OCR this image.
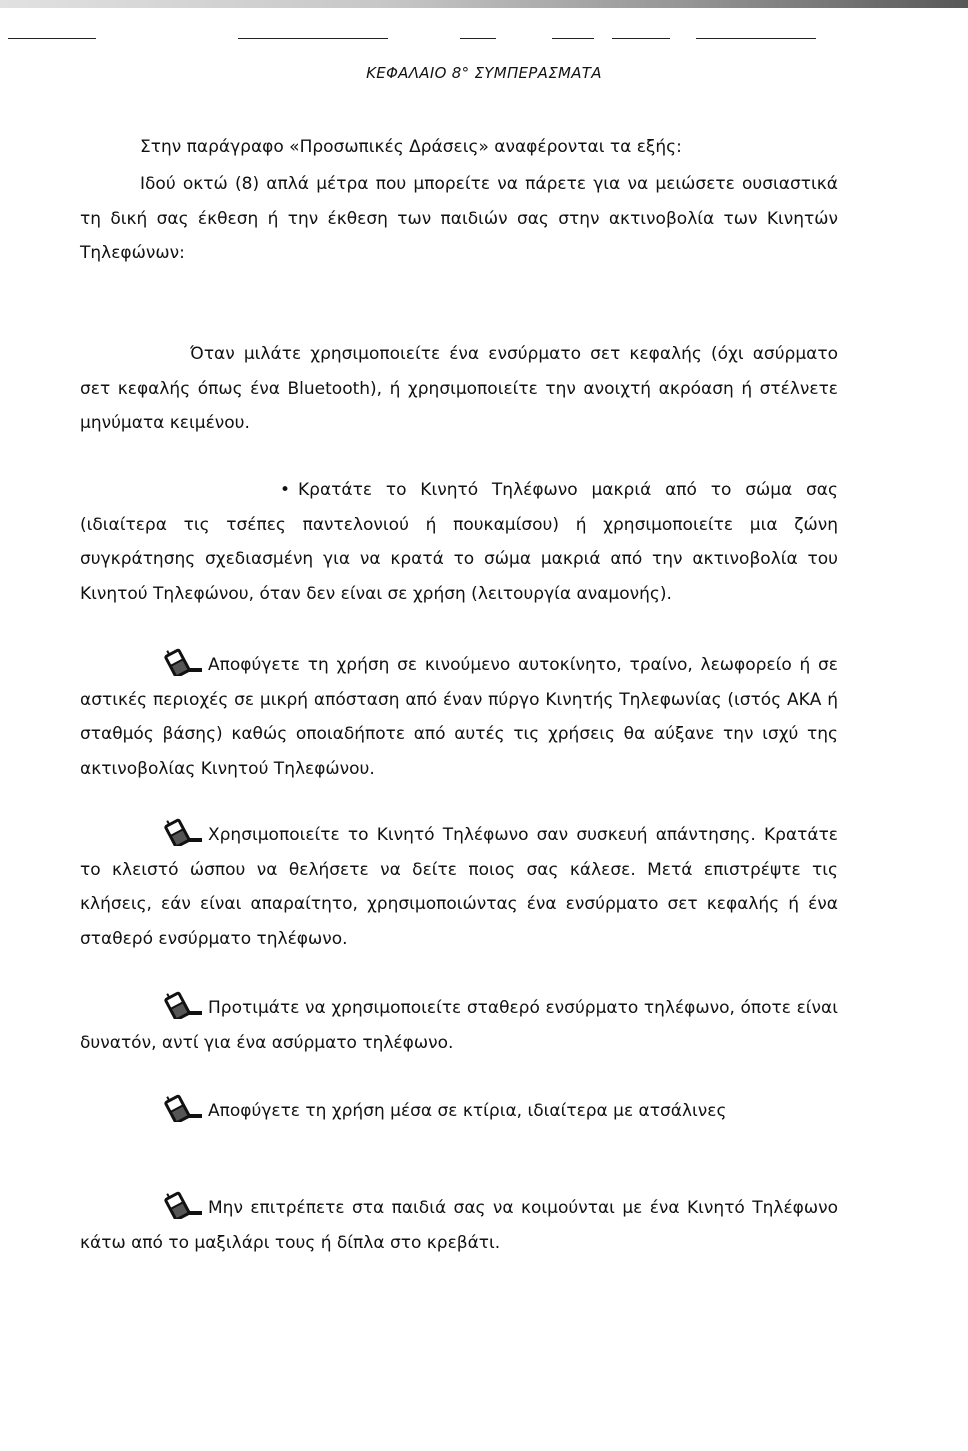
ΚΕΦΑΛΑΙΟ 8° ΣΥΜΠΕΡΑΣΜΑΤΑ

Στην παράγραφο «Προσωπικές Δράσεις» αναφέρονται τα εξής:

Ιδού οκτώ (8) απλά μέτρα που μπορείτε να πάρετε για να μειώσετε ουσιαστικά τη δική σας έκθεση ή την έκθεση των παιδιών σας στην ακτινοβολία των Κινητών Τηλεφώνων:

Όταν μιλάτε χρησιμοποιείτε ένα ενσύρματο σετ κεφαλής (όχι ασύρματο σετ κεφαλής όπως ένα Bluetooth), ή χρησιμοποιείτε την ανοιχτή ακρόαση ή στέλνετε μηνύματα κειμένου.

• Κρατάτε το Κινητό Τηλέφωνο μακριά από το σώμα σας (ιδιαίτερα τις τσέπες παντελονιού ή πουκαμίσου) ή χρησιμοποιείτε μια ζώνη συγκράτησης σχεδιασμένη για να κρατά το σώμα μακριά από την ακτινοβολία του Κινητού Τηλεφώνου, όταν δεν είναι σε χρήση (λειτουργία αναμονής).

Αποφύγετε τη χρήση σε κινούμενο αυτοκίνητο, τραίνο, λεωφορείο ή σε αστικές περιοχές σε μικρή απόσταση από έναν πύργο Κινητής Τηλεφωνίας (ιστός ΑΚΑ ή σταθμός βάσης) καθώς οποιαδήποτε από αυτές τις χρήσεις θα αύξανε την ισχύ της ακτινοβολίας Κινητού Τηλεφώνου.

Χρησιμοποιείτε το Κινητό Τηλέφωνο σαν συσκευή απάντησης. Κρατάτε το κλειστό ώσπου να θελήσετε να δείτε ποιος σας κάλεσε. Μετά επιστρέψτε τις κλήσεις, εάν είναι απαραίτητο, χρησιμοποιώντας ένα ενσύρματο σετ κεφαλής ή ένα σταθερό ενσύρματο τηλέφωνο.

Προτιμάτε να χρησιμοποιείτε σταθερό ενσύρματο τηλέφωνο, όποτε είναι δυνατόν, αντί για ένα ασύρματο τηλέφωνο.

Αποφύγετε τη χρήση μέσα σε κτίρια, ιδιαίτερα με ατσάλινες

Μην επιτρέπετε στα παιδιά σας να κοιμούνται με ένα Κινητό Τηλέφωνο κάτω από το μαξιλάρι τους ή δίπλα στο κρεβάτι.
